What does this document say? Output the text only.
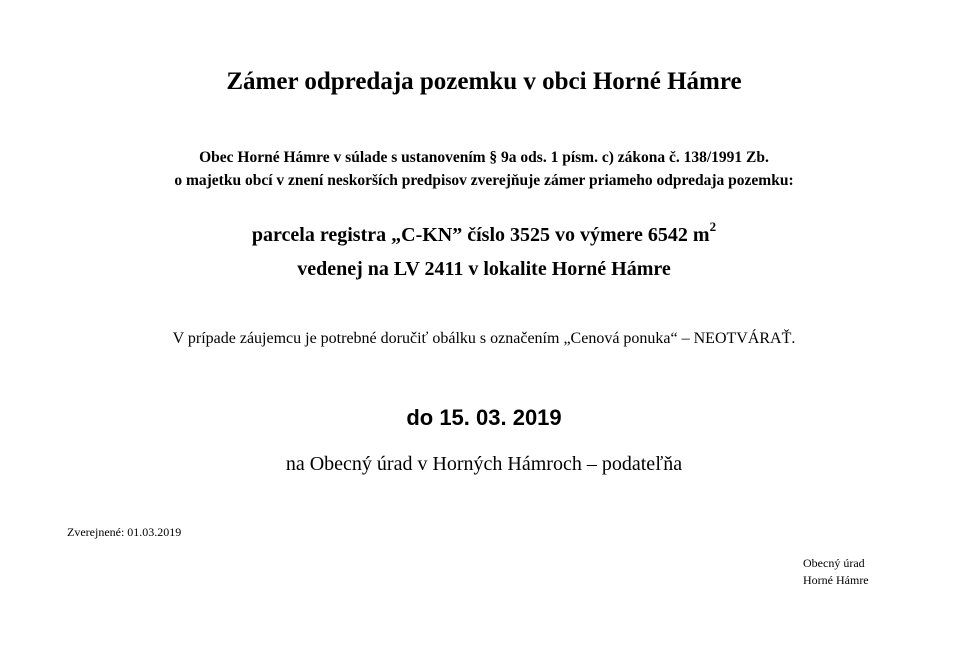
Zámer odpredaja pozemku v obci Horné Hámre
Obec Horné Hámre v súlade s ustanovením § 9a ods. 1 písm. c) zákona č. 138/1991 Zb.
o majetku obcí v znení neskorších predpisov zverejňuje zámer priameho odpredaja pozemku:
parcela registra „C-KN” číslo 3525 vo výmere 6542 $m^2$
vedenej na LV 2411 v lokalite Horné Hámre
V prípade záujemcu je potrebné doručiť obálku s označením „Cenová ponuka“ – NEOTVÁRAŤ.
do 15. 03. 2019
na Obecný úrad v Horných Hámroch – podateľňa
Zverejnené: 01.03.2019
Obecný úrad
Horné Hámre
